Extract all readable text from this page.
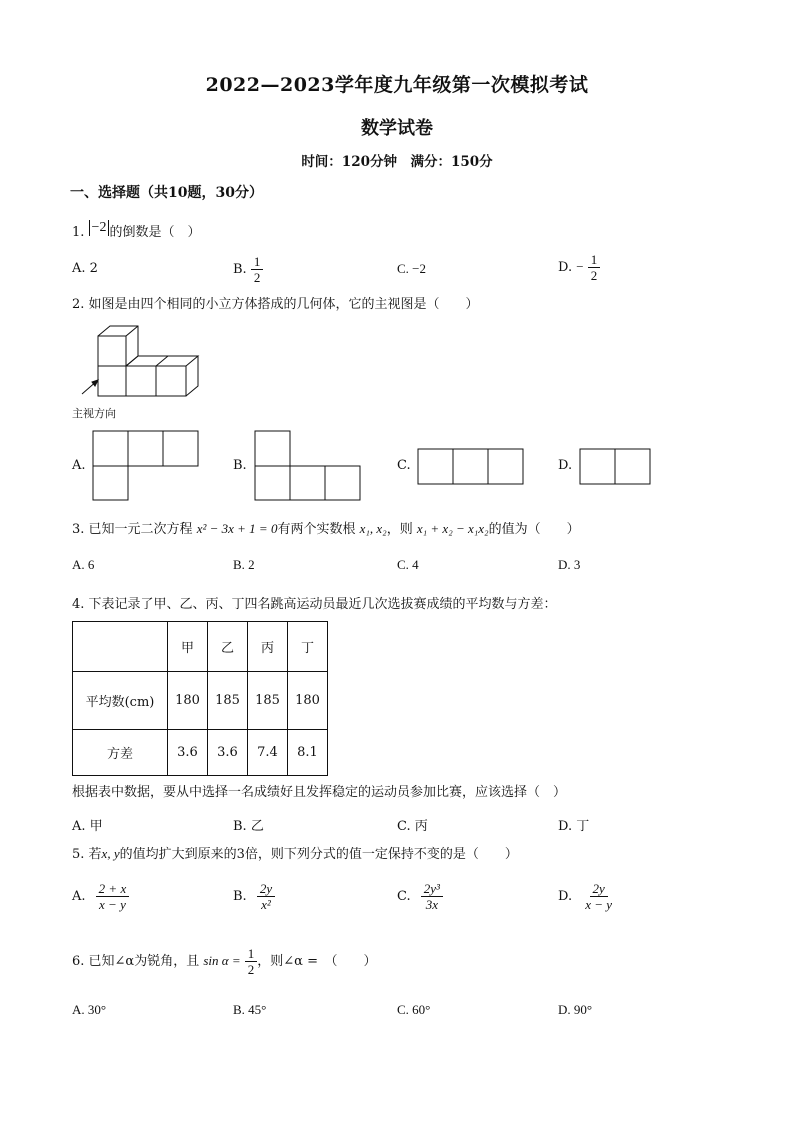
2022—2023学年度九年级第一次模拟考试
数学试卷
时间：120分钟　满分：150分
一、选择题（共10题，30分）
1. −2 的倒数是（　）
A. 2	B. $\frac{1}{2}$	C. −2	D. − $\frac{1}{2}$
2. 如图是由四个相同的小立方体搭成的几何体，它的主视图是（　　）
主视方向
A.	B.	C.	D.
3. 已知一元二次方程 x² − 3x + 1 = 0有两个实数根 x₁, x₂，则 x₁ + x₂ − x₁x₂的值为（　　）
A. 6	B. 2	C. 4	D. 3
4. 下表记录了甲、乙、丙、丁四名跳高运动员最近几次选拔赛成绩的平均数与方差：
	甲	乙	丙	丁
平均数(cm)	180	185	185	180
方差	3.6	3.6	7.4	8.1
根据表中数据，要从中选择一名成绩好且发挥稳定的运动员参加比赛，应该选择（　）
A. 甲	B. 乙	C. 丙	D. 丁
5. 若x, y的值均扩大到原来的3倍，则下列分式的值一定保持不变的是（　　）
A. $\frac{2 + x}{x - y}$	B. $\frac{2y}{\text{x²}}$	C. $\frac{\text{2y³}}{3x}$	D. $\frac{2y}{x - y}$
6. 已知∠α为锐角，且 $\sin \alpha = \frac{1}{2}$ ，则∠α =　（　　）
A. 30°	B. 45°	C. 60°	D. 90°
